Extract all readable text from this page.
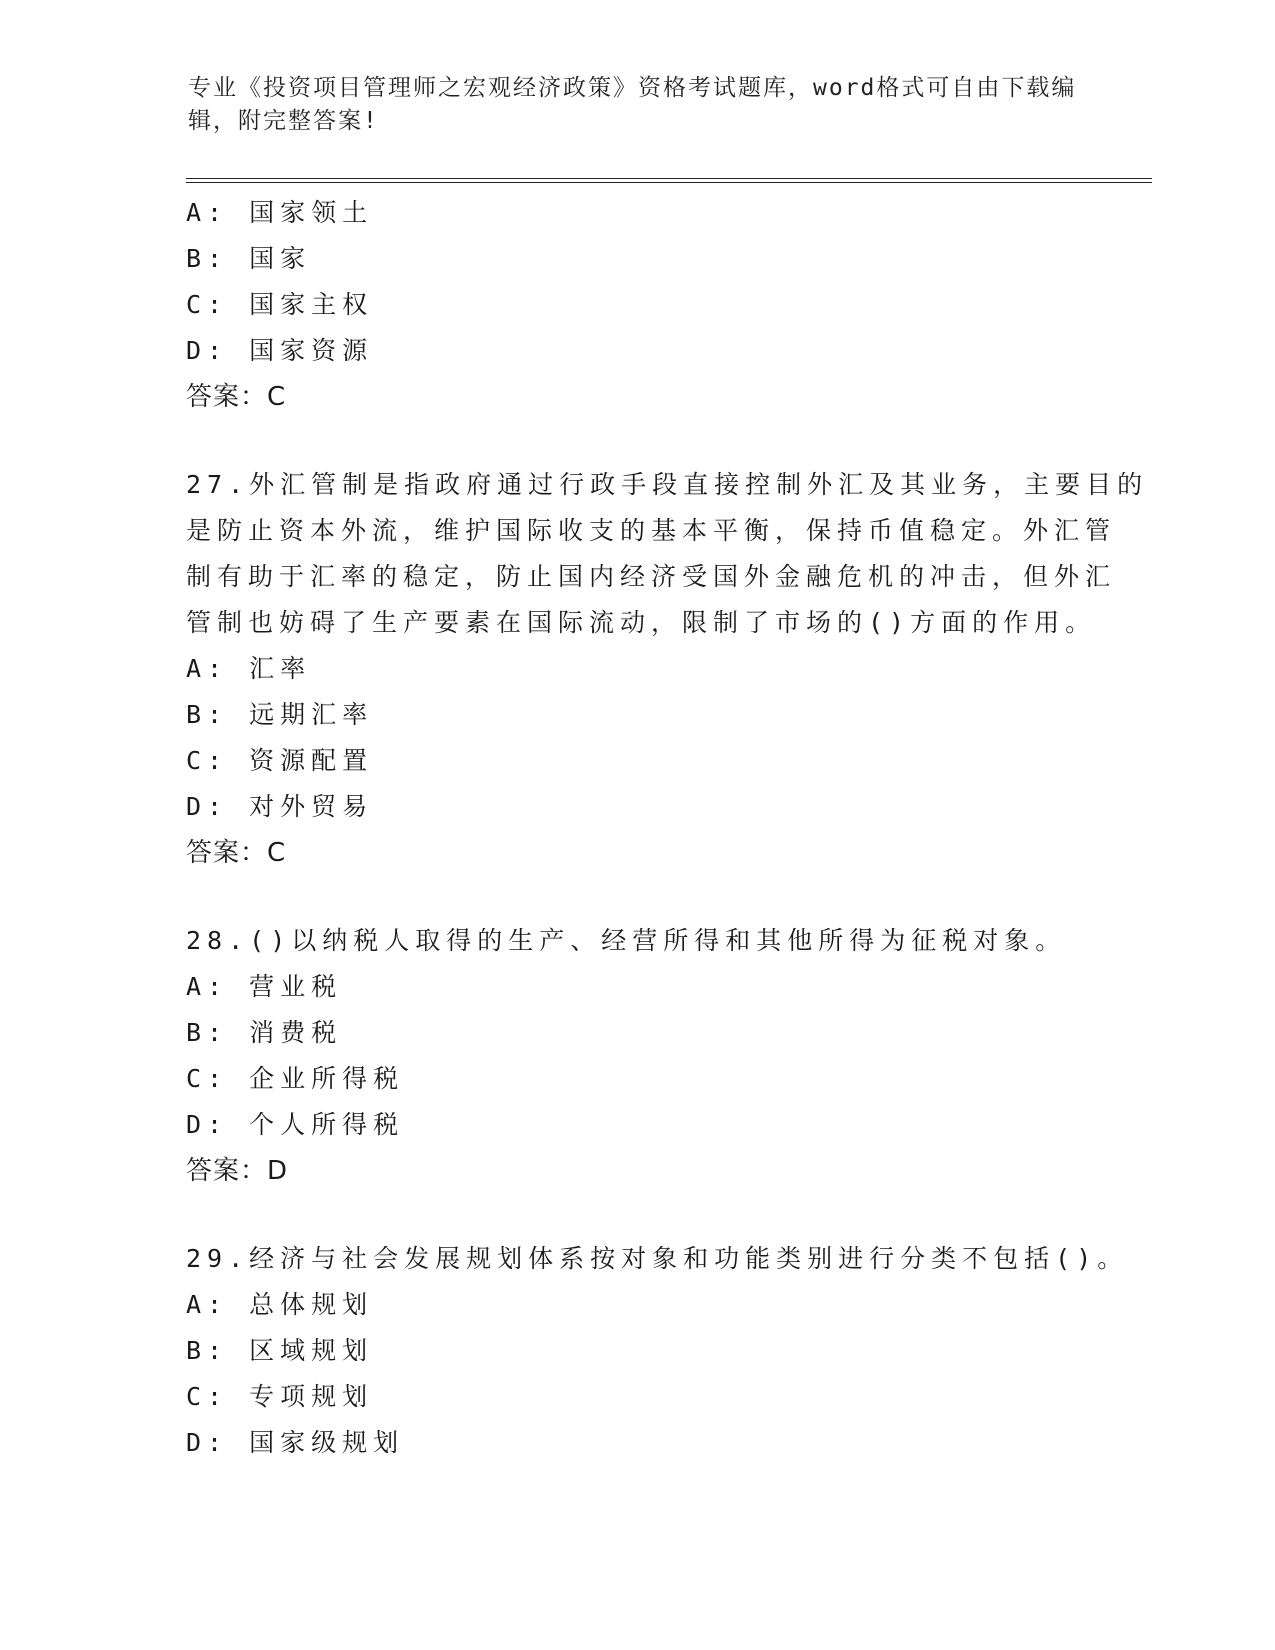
专业《投资项目管理师之宏观经济政策》资格考试题库，word格式可自由下载编辑，附完整答案!
A: 国家领土
B: 国家
C: 国家主权
D: 国家资源
答案：C
27.外汇管制是指政府通过行政手段直接控制外汇及其业务，主要目的
是防止资本外流，维护国际收支的基本平衡，保持币值稳定。外汇管
制有助于汇率的稳定，防止国内经济受国外金融危机的冲击，但外汇
管制也妨碍了生产要素在国际流动，限制了市场的()方面的作用。
A: 汇率
B: 远期汇率
C: 资源配置
D: 对外贸易
答案：C
28.()以纳税人取得的生产、经营所得和其他所得为征税对象。
A: 营业税
B: 消费税
C: 企业所得税
D: 个人所得税
答案：D
29.经济与社会发展规划体系按对象和功能类别进行分类不包括()。
A: 总体规划
B: 区域规划
C: 专项规划
D: 国家级规划
